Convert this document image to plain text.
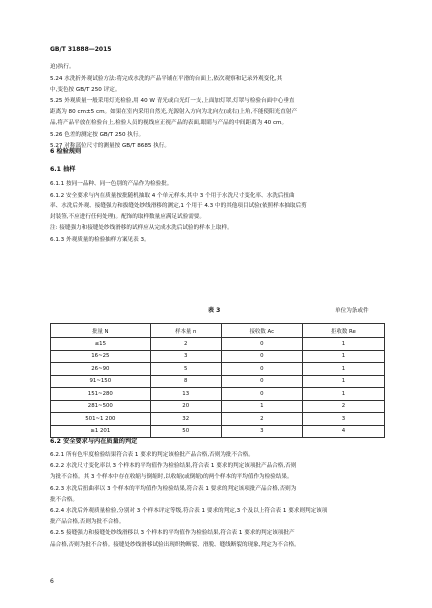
GB/T 31888—2015
迫)执行。
5.24 水洗折外观试验方法:将完成水洗的产品平铺在平滑的台面上,依次观察和记录外观变化,其
中,变色按 GB/T 250 评定。
5.25 外观质量一般采用灯光检验,用 40 W 青光或白光灯一支,上面加灯罩,灯罩与检验台面中心垂直
距离为 80 cm±5 cm。如果在室内采用自然光,光源射入方向为北向左(或右)上角,不能使阳光直射产
品,将产品平放在检验台上,检验人员的视线应正视产品的表面,眼睛与产品的中间距离为 40 cm。
5.26 色差的测定按 GB/T 250 执行。
5.27 对称部位尺寸的测量按 GB/T 8685 执行。
6 检验规则
6.1 抽样
6.1.1 按同一品种、同一色别的产品作为检验批。
6.1.2 安全要求与内在质量按批随机抽取 4 个单元样本,其中 3 个用于水洗尺寸变化率、水洗后扭曲
率、水洗后外观、接缝强力和拔缝处纱线滑移的测定,1 个用于 4.3 中的其他项目试验(依照样本抽取后剪
封装签,不应进行任何处理)。配饰的取样数量应满足试验需要。
注: 接缝强力和接缝处纱线滑移的试样应从完成水洗后试验的样本上取样。
6.1.3 外观质量的检验抽样方案见表 3。
表 3	单位为条或件
批量 N	样本量 n	接收数 Ac	拒收数 Re
≤15	2	0	1
16~25	3	0	1
26~90	5	0	1
91~150	8	0	1
151~280	13	0	1
281~500	20	1	2
501~1 200	32	2	3
≥1 201	50	3	4
6.2 安全要求与内在质量的判定
6.2.1 所有色牢度检验结果符合表 1 要求的判定该检批产品合格,否则为批不合格。
6.2.2 水洗尺寸变化率以 3 个样本的平均值作为检验结果,符合表 1 要求的判定该项批产品合格,否则
为批不合格。其 3 个样本中存在收缩与倒缩时,以收缩(或倒缩)的两个样本的平均值作为检验结果。
6.2.3 水洗后扭曲率以 3 个样本的平均值作为检验结果,符合表 1 要求的判定该项批产品合格,否则为
批不合格。
6.2.4 水洗后外观质量检验,分别对 3 个样本评定等级,符合表 1 要求的判定,3 个及以上符合表 1 要求则判定该项
批产品合格,否则为批不合格。
6.2.5 接缝强力和接缝处纱线滑移以 3 个样本的平均值作为检验结果,符合表 1 要求的判定该项批产
品合格,否则为批不合格。接缝处纱线滑移试验出现织物断裂、滑脱、缝线断裂的现象,判定为不合格。
6
